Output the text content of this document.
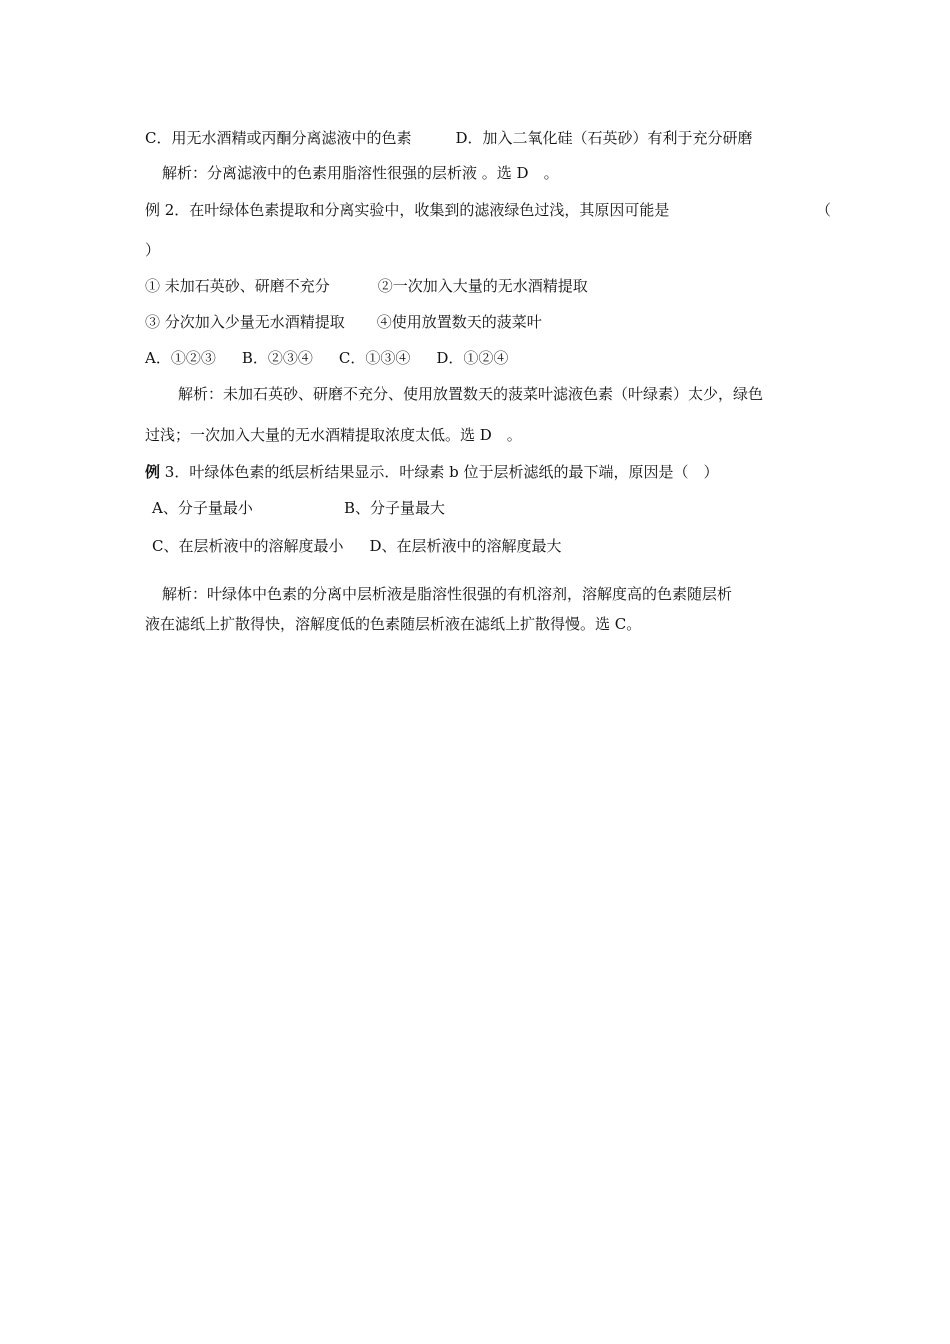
C．用无水酒精或丙酮分离滤液中的色素	D．加入二氧化硅（石英砂）有利于充分研磨
解析：分离滤液中的色素用脂溶性很强的层析液 。选 D　。
例 2．在叶绿体色素提取和分离实验中，收集到的滤液绿色过浅，其原因可能是	（
）
① 未加石英砂、研磨不充分	②一次加入大量的无水酒精提取
③ 分次加入少量无水酒精提取 ④使用放置数天的菠菜叶
A．①②③ B．②③④ C．①③④ D．①②④
解析：未加石英砂、研磨不充分、使用放置数天的菠菜叶滤液色素（叶绿素）太少，绿色
过浅；一次加入大量的无水酒精提取浓度太低。选 D　。
例 3．叶绿体色素的纸层析结果显示．叶绿素 b 位于层析滤纸的最下端，原因是（　）
A、分子量最小	B、分子量最大
C、在层析液中的溶解度最小 D、在层析液中的溶解度最大
解析：叶绿体中色素的分离中层析液是脂溶性很强的有机溶剂，溶解度高的色素随层析
液在滤纸上扩散得快，溶解度低的色素随层析液在滤纸上扩散得慢。选 C。
